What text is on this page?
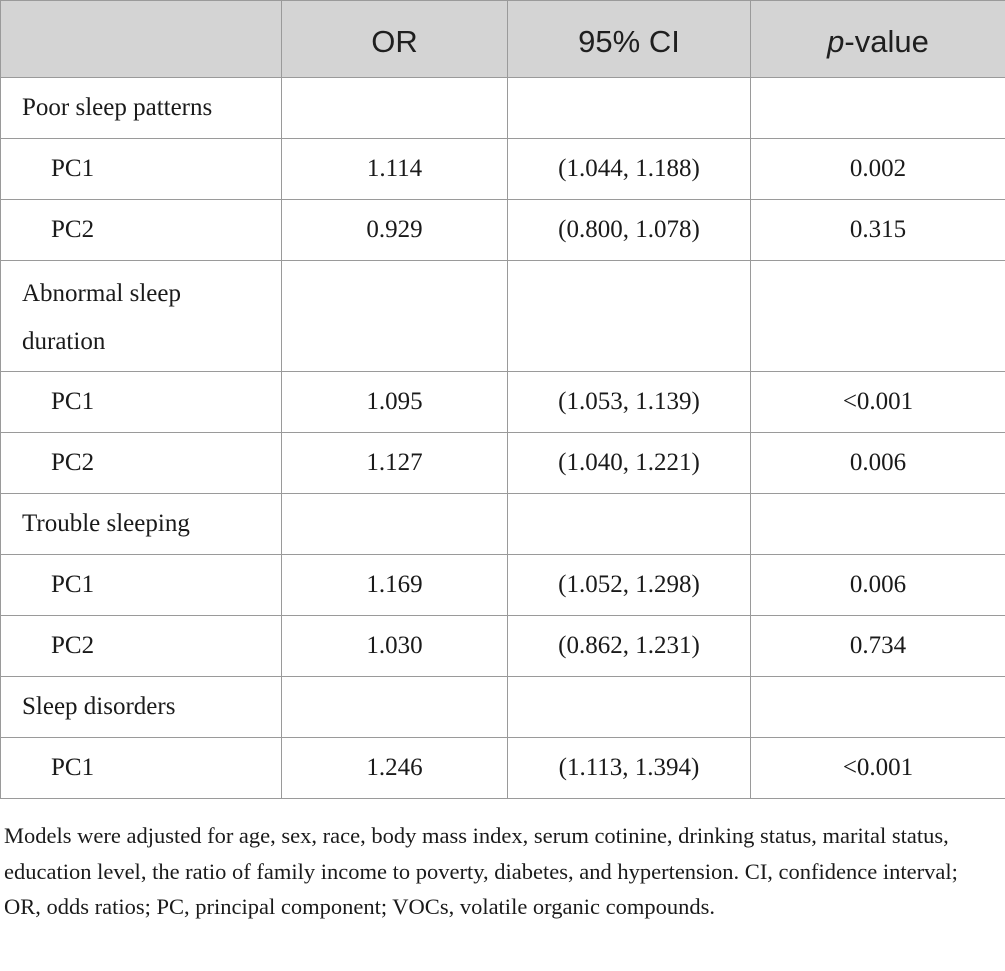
	OR	95% CI	p-value
Poor sleep patterns			
PC1	1.114	(1.044, 1.188)	0.002
PC2	0.929	(0.800, 1.078)	0.315
Abnormal sleep
duration			
PC1	1.095	(1.053, 1.139)	<0.001
PC2	1.127	(1.040, 1.221)	0.006
Trouble sleeping			
PC1	1.169	(1.052, 1.298)	0.006
PC2	1.030	(0.862, 1.231)	0.734
Sleep disorders			
PC1	1.246	(1.113, 1.394)	<0.001

Models were adjusted for age, sex, race, body mass index, serum cotinine, drinking status, marital status, education level, the ratio of family income to poverty, diabetes, and hypertension. CI, confidence interval; OR, odds ratios; PC, principal component; VOCs, volatile organic compounds.
